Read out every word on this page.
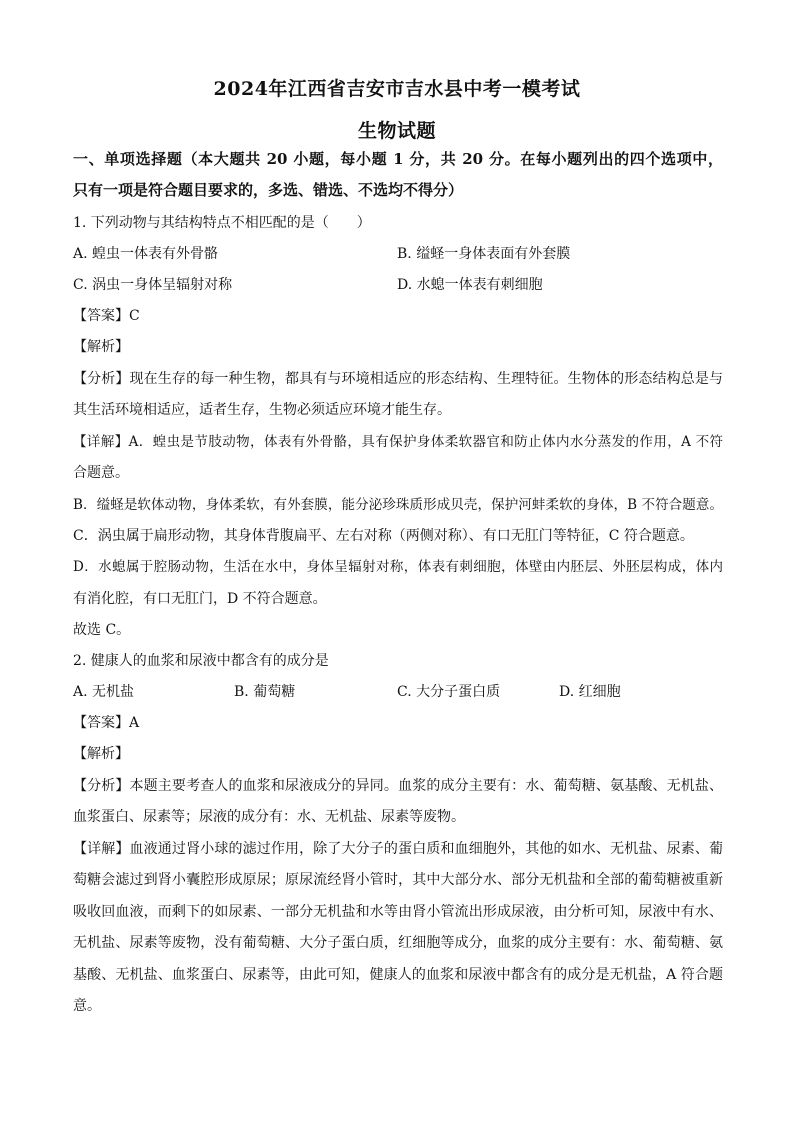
2024年江西省吉安市吉水县中考一模考试
生物试题
一、单项选择题（本大题共 20 小题，每小题 1 分，共 20 分。在每小题列出的四个选项中，
只有一项是符合题目要求的，多选、错选、不选均不得分）
1. 下列动物与其结构特点不相匹配的是（　　）
A. 蝗虫一体表有外骨骼	B. 缢蛏一身体表面有外套膜
C. 涡虫一身体呈辐射对称	D. 水螅一体表有刺细胞
【答案】C
【解析】
【分析】现在生存的每一种生物，都具有与环境相适应的形态结构、生理特征。生物体的形态结构总是与
其生活环境相适应，适者生存，生物必须适应环境才能生存。
【详解】A．蝗虫是节肢动物，体表有外骨骼，具有保护身体柔软器官和防止体内水分蒸发的作用，A 不符
合题意。
B．缢蛏是软体动物，身体柔软，有外套膜，能分泌珍珠质形成贝壳，保护河蚌柔软的身体，B 不符合题意。
C．涡虫属于扁形动物，其身体背腹扁平、左右对称（两侧对称）、有口无肛门等特征，C 符合题意。
D．水螅属于腔肠动物，生活在水中，身体呈辐射对称，体表有刺细胞，体壁由内胚层、外胚层构成，体内
有消化腔，有口无肛门，D 不符合题意。
故选 C。
2. 健康人的血浆和尿液中都含有的成分是
A. 无机盐	B. 葡萄糖	C. 大分子蛋白质	D. 红细胞
【答案】A
【解析】
【分析】本题主要考查人的血浆和尿液成分的异同。血浆的成分主要有：水、葡萄糖、氨基酸、无机盐、
血浆蛋白、尿素等；尿液的成分有：水、无机盐、尿素等废物。
【详解】血液通过肾小球的滤过作用，除了大分子的蛋白质和血细胞外，其他的如水、无机盐、尿素、葡
萄糖会滤过到肾小囊腔形成原尿；原尿流经肾小管时，其中大部分水、部分无机盐和全部的葡萄糖被重新
吸收回血液，而剩下的如尿素、一部分无机盐和水等由肾小管流出形成尿液，由分析可知，尿液中有水、
无机盐、尿素等废物，没有葡萄糖、大分子蛋白质，红细胞等成分，血浆的成分主要有：水、葡萄糖、氨
基酸、无机盐、血浆蛋白、尿素等，由此可知，健康人的血浆和尿液中都含有的成分是无机盐，A 符合题
意。
